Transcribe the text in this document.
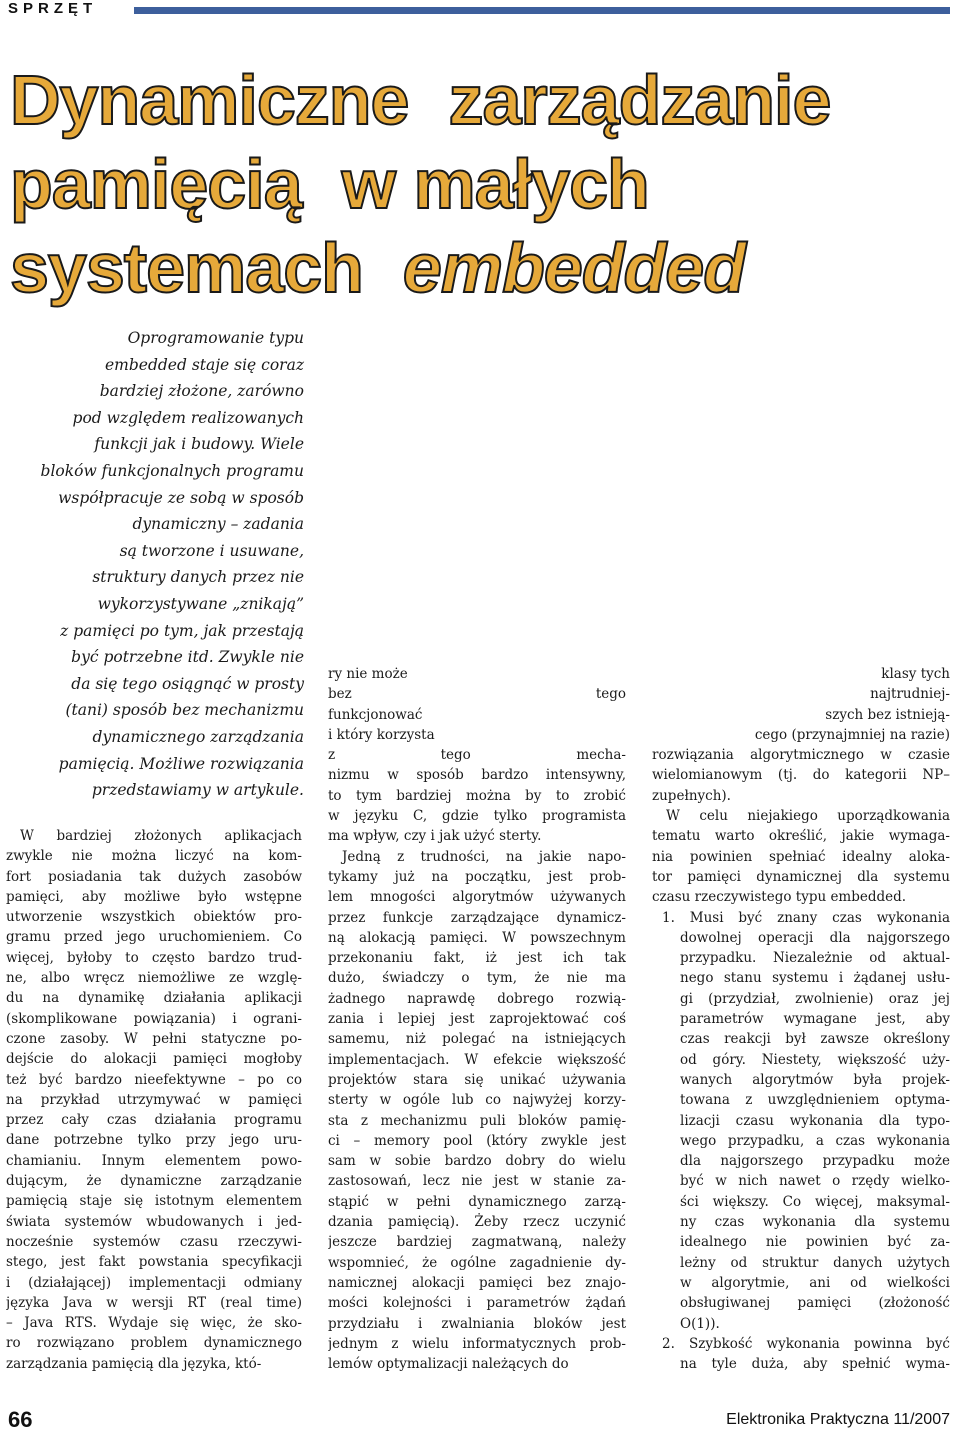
SPRZĘT
Dynamiczne zarządzanie
pamięcią w małych
systemach embedded
Oprogramowanie typu
embedded staje się coraz
bardziej złożone, zarówno
pod względem realizowanych
funkcji jak i budowy. Wiele
bloków funkcjonalnych programu
współpracuje ze sobą w sposób
dynamiczny – zadania
są tworzone i usuwane,
struktury danych przez nie
wykorzystywane „znikają”
z pamięci po tym, jak przestają
być potrzebne itd. Zwykle nie
da się tego osiągnąć w prosty
(tani) sposób bez mechanizmu
dynamicznego zarządzania
pamięcią. Możliwe rozwiązania
przedstawiamy w artykule.
W bardziej złożonych aplikacjach
zwykle nie można liczyć na kom-
fort posiadania tak dużych zasobów
pamięci, aby możliwe było wstępne
utworzenie wszystkich obiektów pro-
gramu przed jego uruchomieniem. Co
więcej, byłoby to często bardzo trud-
ne, albo wręcz niemożliwe ze wzglę-
du na dynamikę działania aplikacji
(skomplikowane powiązania) i ograni-
czone zasoby. W pełni statyczne po-
dejście do alokacji pamięci mogłoby
też być bardzo nieefektywne – po co
na przykład utrzymywać w pamięci
przez cały czas działania programu
dane potrzebne tylko przy jego uru-
chamianiu. Innym elementem powo-
dującym, że dynamiczne zarządzanie
pamięcią staje się istotnym elementem
świata systemów wbudowanych i jed-
nocześnie systemów czasu rzeczywi-
stego, jest fakt powstania specyfikacji
i (działającej) implementacji odmiany
języka Java w wersji RT (real time)
– Java RTS. Wydaje się więc, że sko-
ro rozwiązano problem dynamicznego
zarządzania pamięcią dla języka, któ-
ry nie może
bez tego
funkcjonować
i który korzysta
z tego mecha-
nizmu w sposób bardzo intensywny,
to tym bardziej można by to zrobić
w języku C, gdzie tylko programista
ma wpływ, czy i jak użyć sterty.
Jedną z trudności, na jakie napo-
tykamy już na początku, jest prob-
lem mnogości algorytmów używanych
przez funkcje zarządzające dynamicz-
ną alokacją pamięci. W powszechnym
przekonaniu fakt, iż jest ich tak
dużo, świadczy o tym, że nie ma
żadnego naprawdę dobrego rozwią-
zania i lepiej jest zaprojektować coś
samemu, niż polegać na istniejących
implementacjach. W efekcie większość
projektów stara się unikać używania
sterty w ogóle lub co najwyżej korzy-
sta z mechanizmu puli bloków pamię-
ci – memory pool (który zwykle jest
sam w sobie bardzo dobry do wielu
zastosowań, lecz nie jest w stanie za-
stąpić w pełni dynamicznego zarzą-
dzania pamięcią). Żeby rzecz uczynić
jeszcze bardziej zagmatwaną, należy
wspomnieć, że ogólne zagadnienie dy-
namicznej alokacji pamięci bez znajo-
mości kolejności i parametrów żądań
przydziału i zwalniania bloków jest
jednym z wielu informatycznych prob-
lemów optymalizacji należących do
klasy tych
najtrudniej-
szych bez istnieją-
cego (przynajmniej na razie)
rozwiązania algorytmicznego w czasie
wielomianowym (tj. do kategorii NP–
zupełnych).
W celu niejakiego uporządkowania
tematu warto określić, jakie wymaga-
nia powinien spełniać idealny aloka-
tor pamięci dynamicznej dla systemu
czasu rzeczywistego typu embedded.
1. Musi być znany czas wykonania
dowolnej operacji dla najgorszego
przypadku. Niezależnie od aktual-
nego stanu systemu i żądanej usłu-
gi (przydział, zwolnienie) oraz jej
parametrów wymagane jest, aby
czas reakcji był zawsze określony
od góry. Niestety, większość uży-
wanych algorytmów była projek-
towana z uwzględnieniem optyma-
lizacji czasu wykonania dla typo-
wego przypadku, a czas wykonania
dla najgorszego przypadku może
być w nich nawet o rzędy wielko-
ści większy. Co więcej, maksymal-
ny czas wykonania dla systemu
idealnego nie powinien być za-
leżny od struktur danych użytych
w algorytmie, ani od wielkości
obsługiwanej pamięci (złożoność
O(1)).
2. Szybkość wykonania powinna być
na tyle duża, aby spełnić wyma-
66	Elektronika Praktyczna 11/2007
